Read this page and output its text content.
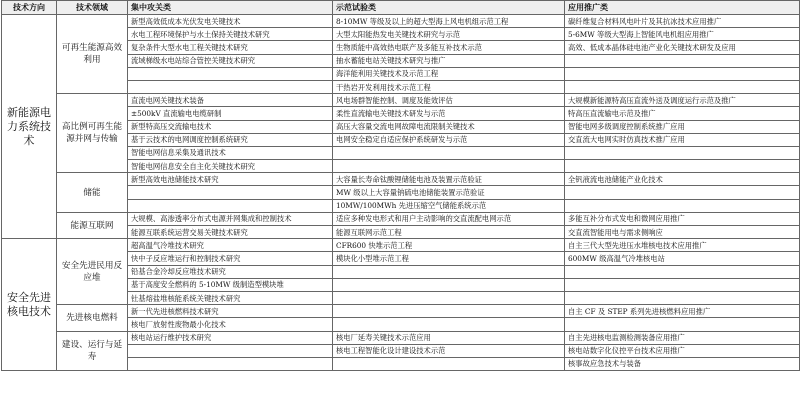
技术方向	技术领域	集中攻关类	示范试验类	应用推广类
新能源电力系统技术	可再生能源高效利用	新型高效低成本光伏发电关键技术	8-10MW 等级及以上的超大型海上风电机组示范工程	碳纤维复合材料风电叶片及其抗冰技术应用推广
		水电工程环境保护与水土保持关键技术研究	大型太阳能热发电关键技术研究与示范	5-6MW 等级大型海上智能风电机组应用推广
		复杂条件大型水电工程关键技术研究	生物质能中高效热电联产及多能互补技术示范	高效、低成本晶体硅电池产业化关键技术研发及应用
		流域梯级水电站综合管控关键技术研究	抽水蓄能电站关键技术研究与推广	
			海洋能利用关键技术及示范工程	
			干热岩开发利用技术示范工程	
	高比例可再生能源并网与传输	直流电网关键技术装备	风电场群智能控制、调度及能效评估	大规模新能源特高压直流外送及调度运行示范及推广
		±500kV 直流输电电缆研制	柔性直流输电关键技术研发与示范	特高压直流输电示范及推广
		新型特高压交流输电技术	高压大容量交流电网故障电流限制关键技术	智能电网多级调度控制系统推广应用
		基于云技术的电网调度控制系统研究	电网安全稳定自适应保护系统研发与示范	交直流大电网实时仿真技术推广应用
		智能电网信息采集及通讯技术		
		智能电网信息安全自主化关键技术研究		
	储能	新型高效电池储能技术研究	大容量长寿命钛酸锂储能电池及装置示范验证	全钒液流电池储能产业化技术
			MW 级以上大容量钠硫电池储能装置示范验证	
			10MW/100MWh 先进压缩空气储能系统示范	
	能源互联网	大规模、高渗透率分布式电源并网集成和控制技术	适应多种发电形式和用户主动影响的交直流配电网示范	多能互补分布式发电和微网应用推广
		能源互联系统运营交易关键技术研究	能源互联网示范工程	交直流智能用电与需求侧响应
安全先进核电技术	安全先进民用反应堆	超高温气冷堆技术研究	CFR600 快堆示范工程	自主三代大型先进压水堆核电技术应用推广
		快中子反应堆运行和控制技术研究	模块化小型堆示范工程	600MW 级高温气冷堆核电站
		铅基合金冷却反应堆技术研究		
		基于高度安全燃料的 5-10MW 级制造型模块堆		
		钍基熔盐堆核能系统关键技术研究		
	先进核电燃料	新一代先进核燃料技术研究		自主 CF 及 STEP 系列先进核燃料应用推广
		核电厂放射性废物最小化技术		
	建设、运行与延寿	核电站运行维护技术研究	核电厂延寿关键技术示范应用	自主先进核电监测检测装备应用推广
			核电工程智能化设计建设技术示范	核电站数字化仪控平台技术应用推广
				核事故应急技术与装备
